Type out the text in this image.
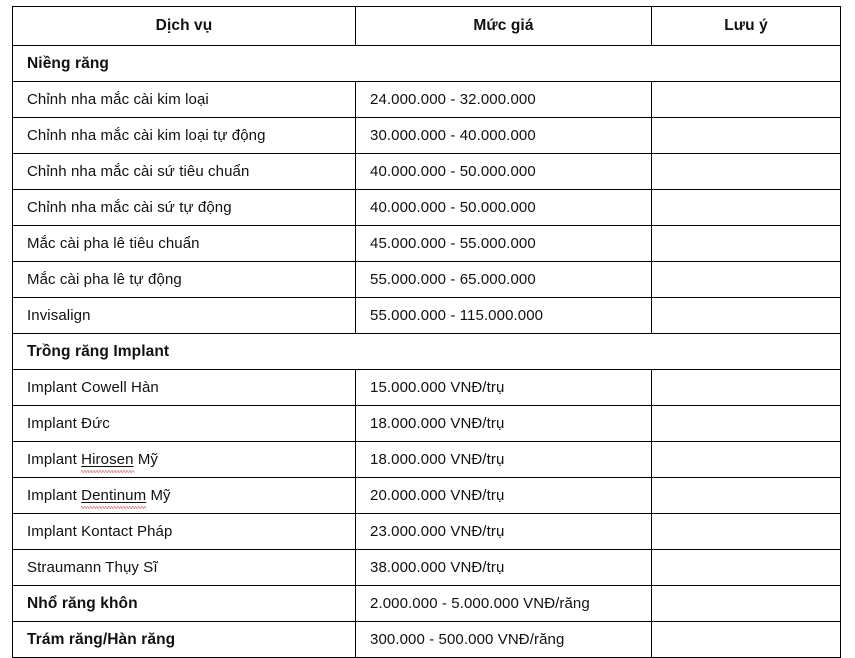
Dịch vụ	Mức giá	Lưu ý
Niềng răng		
Chỉnh nha mắc cài kim loại	24.000.000 - 32.000.000	
Chỉnh nha mắc cài kim loại tự động	30.000.000 - 40.000.000	
Chỉnh nha mắc cài sứ tiêu chuẩn	40.000.000 - 50.000.000	
Chỉnh nha mắc cài sứ tự động	40.000.000 - 50.000.000	
Mắc cài pha lê tiêu chuẩn	45.000.000 - 55.000.000	
Mắc cài pha lê tự động	55.000.000 - 65.000.000	
Invisalign	55.000.000 - 115.000.000	
Trồng răng Implant		
Implant Cowell Hàn	15.000.000 VNĐ/trụ	
Implant Đức	18.000.000 VNĐ/trụ	
Implant Hirosen Mỹ	18.000.000 VNĐ/trụ	
Implant Dentinum Mỹ	20.000.000 VNĐ/trụ	
Implant Kontact Pháp	23.000.000 VNĐ/trụ	
Straumann Thụy Sĩ	38.000.000 VNĐ/trụ	
Nhổ răng khôn	2.000.000 - 5.000.000 VNĐ/răng	
Trám răng/Hàn răng	300.000 - 500.000 VNĐ/răng	
